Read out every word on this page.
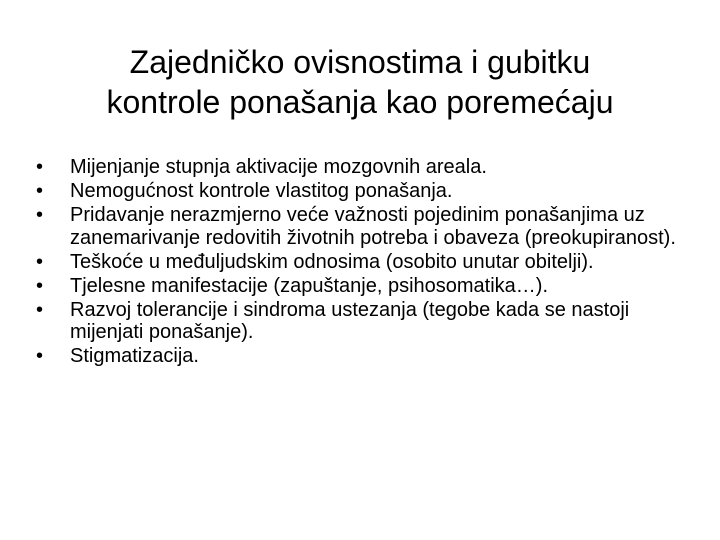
Zajedničko ovisnostima i gubitku
kontrole ponašanja kao poremećaju
•	Mijenjanje stupnja aktivacije mozgovnih areala.
•	Nemogućnost kontrole vlastitog ponašanja.
•	Pridavanje nerazmjerno veće važnosti pojedinim ponašanjima uz zanemarivanje redovitih životnih potreba i obaveza (preokupiranost).
•	Teškoće u međuljudskim odnosima (osobito unutar obitelji).
•	Tjelesne manifestacije (zapuštanje, psihosomatika…).
•	Razvoj tolerancije i sindroma ustezanja (tegobe kada se nastoji mijenjati ponašanje).
•	Stigmatizacija.
